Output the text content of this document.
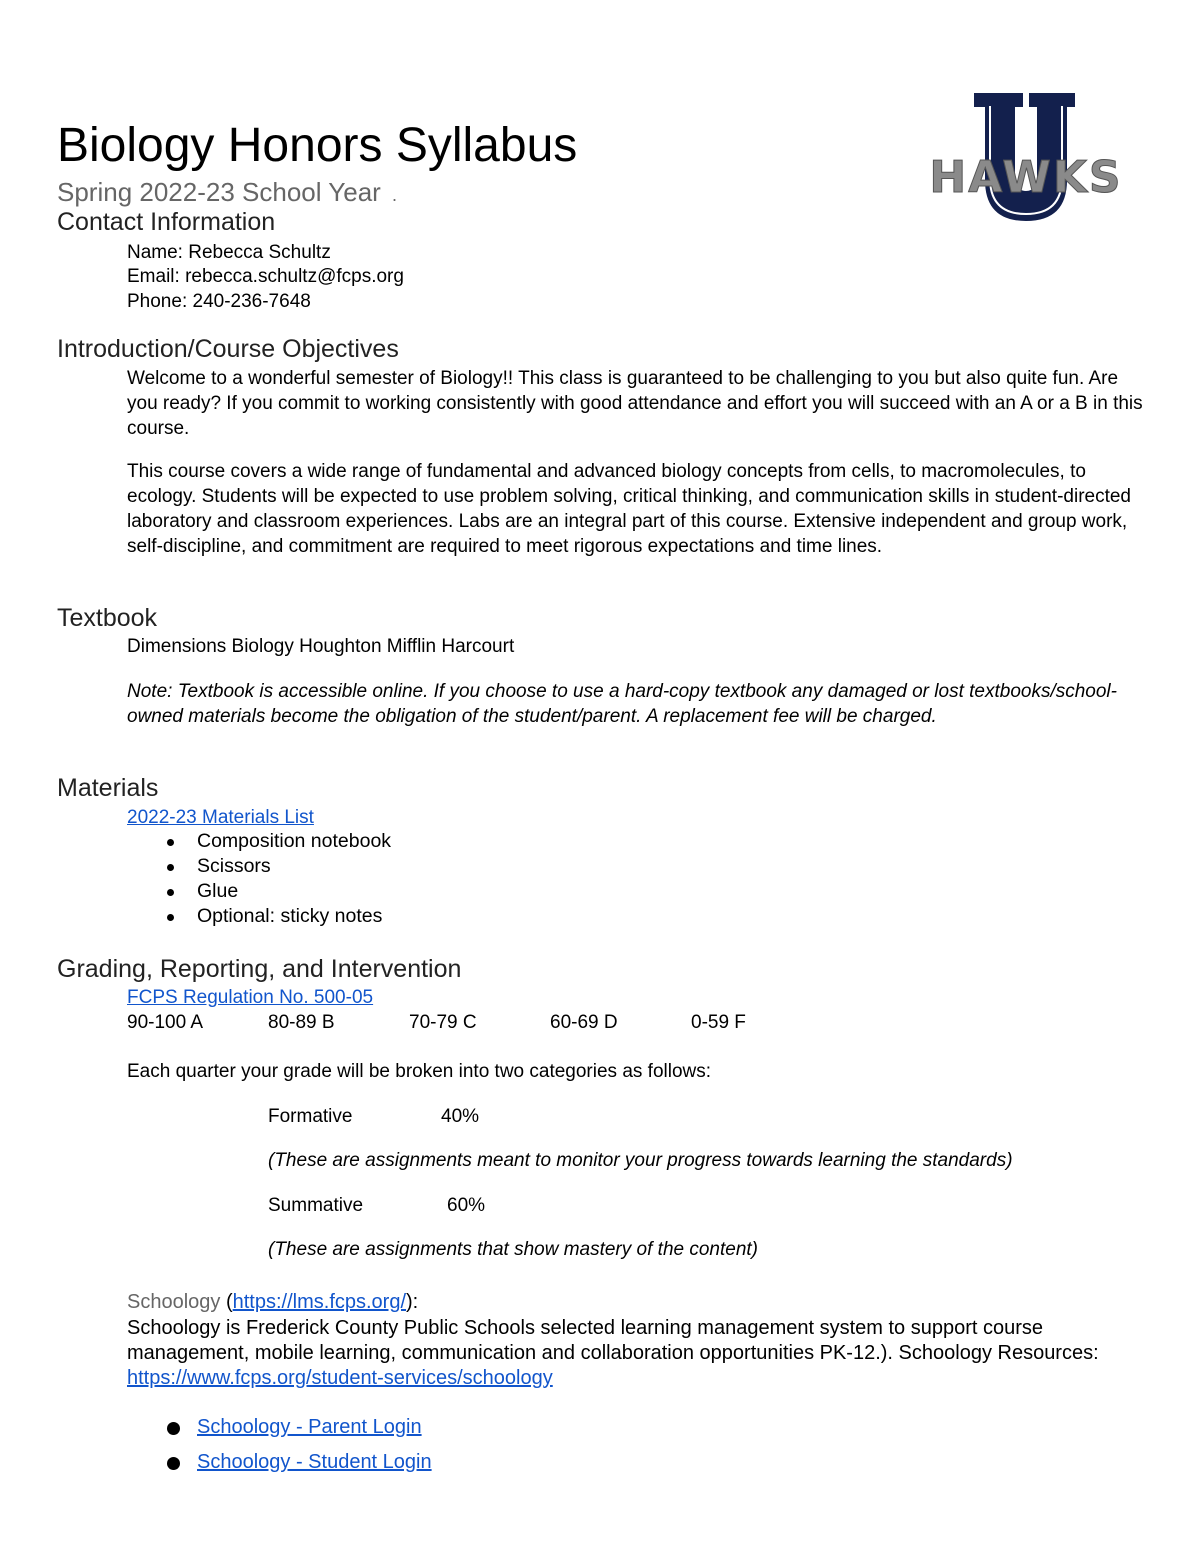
Biology Honors Syllabus
Spring 2022-23 School Year .	HAWKS
Contact Information
Name: Rebecca Schultz
Email: rebecca.schultz@fcps.org
Phone: 240-236-7648
Introduction/Course Objectives
Welcome to a wonderful semester of Biology!! This class is guaranteed to be challenging to you but also quite fun. Are you ready? If you commit to working consistently with good attendance and effort you will succeed with an A or a B in this course.
This course covers a wide range of fundamental and advanced biology concepts from cells, to macromolecules, to ecology. Students will be expected to use problem solving, critical thinking, and communication skills in student-directed laboratory and classroom experiences. Labs are an integral part of this course. Extensive independent and group work, self-discipline, and commitment are required to meet rigorous expectations and time lines.
Textbook
Dimensions Biology Houghton Mifflin Harcourt
Note: Textbook is accessible online. If you choose to use a hard-copy textbook any damaged or lost textbooks/school-owned materials become the obligation of the student/parent. A replacement fee will be charged.
Materials
2022-23 Materials List
Composition notebook
Scissors
Glue
Optional: sticky notes
Grading, Reporting, and Intervention
FCPS Regulation No. 500-05
90-100 A	80-89 B	70-79 C	60-69 D	0-59 F
Each quarter your grade will be broken into two categories as follows:
Formative	40%
(These are assignments meant to monitor your progress towards learning the standards)
Summative	60%
(These are assignments that show mastery of the content)
Schoology (https://lms.fcps.org/):
Schoology is Frederick County Public Schools selected learning management system to support course management, mobile learning, communication and collaboration opportunities PK-12.). Schoology Resources: https://www.fcps.org/student-services/schoology
Schoology - Parent Login
Schoology - Student Login
